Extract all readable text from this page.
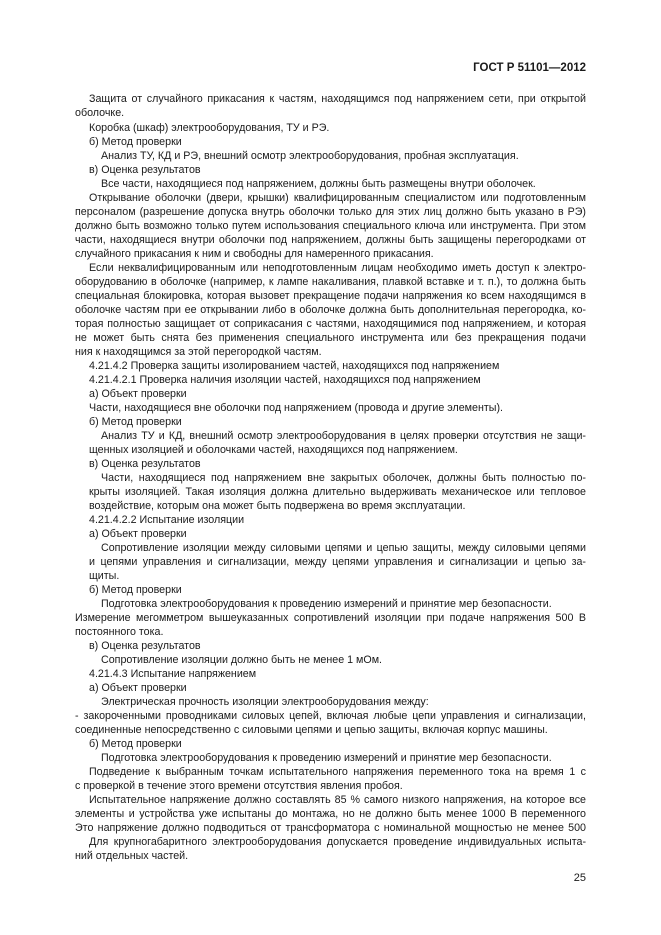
ГОСТ Р 51101—2012
Защита от случайного прикасания к частям, находящимся под напряжением сети, при открытой
оболочке.
Коробка (шкаф) электрооборудования, ТУ и РЭ.
б) Метод проверки
Анализ ТУ, КД и РЭ, внешний осмотр электрооборудования, пробная эксплуатация.
в) Оценка результатов
Все части, находящиеся под напряжением, должны быть размещены внутри оболочек.
Открывание оболочки (двери, крышки) квалифицированным специалистом или подготовленным
персоналом (разрешение допуска внутрь оболочки только для этих лиц должно быть указано в РЭ)
должно быть возможно только путем использования специального ключа или инструмента. При этом
части, находящиеся внутри оболочки под напряжением, должны быть защищены перегородками от
случайного прикасания к ним и свободны для намеренного прикасания.
Если неквалифицированным или неподготовленным лицам необходимо иметь доступ к электро-
оборудованию в оболочке (например, к лампе накаливания, плавкой вставке и т. п.), то должна быть
специальная блокировка, которая вызовет прекращение подачи напряжения ко всем находящимся в
оболочке частям при ее открывании либо в оболочке должна быть дополнительная перегородка, ко-
торая полностью защищает от соприкасания с частями, находящимися под напряжением, и которая
не может быть снята без применения специального инструмента или без прекращения подачи
ния к находящимся за этой перегородкой частям.
4.21.4.2 Проверка защиты изолированием частей, находящихся под напряжением
4.21.4.2.1 Проверка наличия изоляции частей, находящихся под напряжением
а) Объект проверки
Части, находящиеся вне оболочки под напряжением (провода и другие элементы).
б) Метод проверки
Анализ ТУ и КД, внешний осмотр электрооборудования в целях проверки отсутствия не защи-
щенных изоляцией и оболочками частей, находящихся под напряжением.
в) Оценка результатов
Части, находящиеся под напряжением вне закрытых оболочек, должны быть полностью по-
крыты изоляцией. Такая изоляция должна длительно выдерживать механическое или тепловое
воздействие, которым она может быть подвержена во время эксплуатации.
4.21.4.2.2 Испытание изоляции
а) Объект проверки
Сопротивление изоляции между силовыми цепями и цепью защиты, между силовыми цепями
и цепями управления и сигнализации, между цепями управления и сигнализации и цепью за-
щиты.
б) Метод проверки
Подготовка электрооборудования к проведению измерений и принятие мер безопасности.
Измерение мегомметром вышеуказанных сопротивлений изоляции при подаче напряжения 500 В
постоянного тока.
в) Оценка результатов
Сопротивление изоляции должно быть не менее 1 мОм.
4.21.4.3 Испытание напряжением
а) Объект проверки
Электрическая прочность изоляции электрооборудования между:
- закороченными проводниками силовых цепей, включая любые цепи управления и сигнализации,
соединенные непосредственно с силовыми цепями и цепью защиты, включая корпус машины.
б) Метод проверки
Подготовка электрооборудования к проведению измерений и принятие мер безопасности.
Подведение к выбранным точкам испытательного напряжения переменного тока на время 1 с
с проверкой в течение этого времени отсутствия явления пробоя.
Испытательное напряжение должно составлять 85 % самого низкого напряжения, на которое все
элементы и устройства уже испытаны до монтажа, но не должно быть менее 1000 В переменного
Это напряжение должно подводиться от трансформатора с номинальной мощностью не менее 500
Для крупногабаритного электрооборудования допускается проведение индивидуальных испыта-
ний отдельных частей.
25
